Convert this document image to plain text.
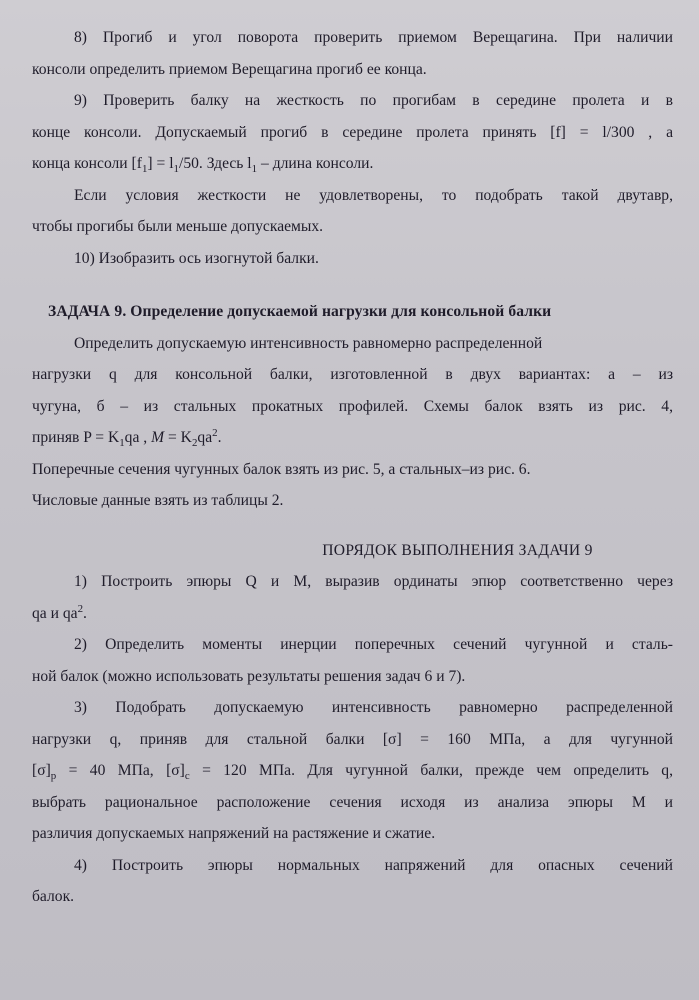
8) Прогиб и угол поворота проверить приемом Верещагина. При наличии

консоли определить приемом Верещагина прогиб ее конца.

9) Проверить балку на жесткость по прогибам в середине пролета и в

конце консоли. Допускаемый прогиб в середине пролета принять [f] = l/300 , а

конца консоли $[f_1] = l_1/50$. Здесь $l_1$ – длина консоли.

Если условия жесткости не удовлетворены, то подобрать такой двутавр,

чтобы прогибы были меньше допускаемых.

10) Изобразить ось изогнутой балки.

ЗАДАЧА 9. Определение допускаемой нагрузки для консольной балки

Определить допускаемую интенсивность равномерно распределенной

нагрузки q для консольной балки, изготовленной в двух вариантах: а – из

чугуна, б – из стальных прокатных профилей. Схемы балок взять из рис. 4,

приняв $P = K_1qa$ , $M = K_2qa^2$.

Поперечные сечения чугунных балок взять из рис. 5, а стальных–из рис. 6.

Числовые данные взять из таблицы 2.

ПОРЯДОК ВЫПОЛНЕНИЯ ЗАДАЧИ 9

1) Построить эпюры Q и M, выразив ординаты эпюр соответственно через

qa и $qa^2$.

2) Определить моменты инерции поперечных сечений чугунной и сталь-

ной балок (можно использовать результаты решения задач 6 и 7).

3) Подобрать допускаемую интенсивность равномерно распределенной

нагрузки q, приняв для стальной балки [σ] = 160 МПа, а для чугунной

$[\sigma]_p = 40$ МПа, $[\sigma]_c = 120$ МПа. Для чугунной балки, прежде чем определить q,

выбрать рациональное расположение сечения исходя из анализа эпюры M и

различия допускаемых напряжений на растяжение и сжатие.

4) Построить эпюры нормальных напряжений для опасных сечений

балок.
